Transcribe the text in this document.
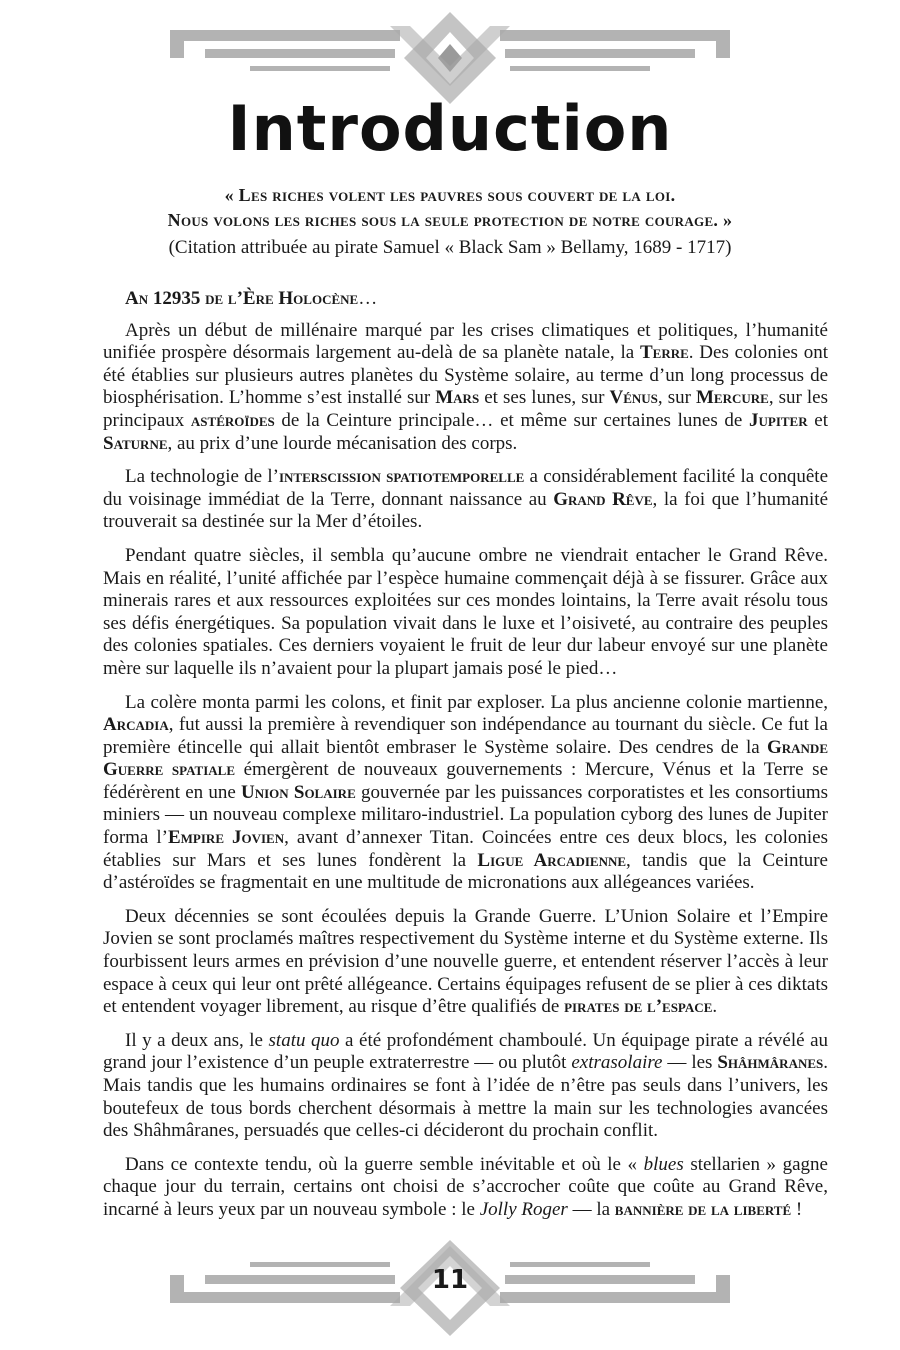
Introduction

« Les riches volent les pauvres sous couvert de la loi.

Nous volons les riches sous la seule protection de notre courage. »

(Citation attribuée au pirate Samuel « Black Sam » Bellamy, 1689 - 1717)

An 12935 de l’Ère Holocène…

Après un début de millénaire marqué par les crises climatiques et politiques, l’humanité unifiée prospère désormais largement au-delà de sa planète natale, la Terre. Des colonies ont été établies sur plusieurs autres planètes du Système solaire, au terme d’un long processus de biosphérisation. L’homme s’est installé sur Mars et ses lunes, sur Vénus, sur Mercure, sur les principaux astéroïdes de la Ceinture principale… et même sur certaines lunes de Jupiter et Saturne, au prix d’une lourde mécanisation des corps.

La technologie de l’interscission spatiotemporelle a considérablement facilité la conquête du voisinage immédiat de la Terre, donnant naissance au Grand Rêve, la foi que l’humanité trouverait sa destinée sur la Mer d’étoiles.

Pendant quatre siècles, il sembla qu’aucune ombre ne viendrait entacher le Grand Rêve. Mais en réalité, l’unité affichée par l’espèce humaine commençait déjà à se fissurer. Grâce aux minerais rares et aux ressources exploitées sur ces mondes lointains, la Terre avait résolu tous ses défis énergétiques. Sa population vivait dans le luxe et l’oisiveté, au contraire des peuples des colonies spatiales. Ces derniers voyaient le fruit de leur dur labeur envoyé sur une planète mère sur laquelle ils n’avaient pour la plupart jamais posé le pied…

La colère monta parmi les colons, et finit par exploser. La plus ancienne colonie martienne, Arcadia, fut aussi la première à revendiquer son indépendance au tournant du siècle. Ce fut la première étincelle qui allait bientôt embraser le Système solaire. Des cendres de la Grande Guerre spatiale émergèrent de nouveaux gouvernements : Mercure, Vénus et la Terre se fédérèrent en une Union Solaire gouvernée par les puissances corporatistes et les consortiums miniers — un nouveau complexe militaro-industriel. La population cyborg des lunes de Jupiter forma l’Empire Jovien, avant d’annexer Titan. Coincées entre ces deux blocs, les colonies établies sur Mars et ses lunes fondèrent la Ligue Arcadienne, tandis que la Ceinture d’astéroïdes se fragmentait en une multitude de micronations aux allégeances variées.

Deux décennies se sont écoulées depuis la Grande Guerre. L’Union Solaire et l’Empire Jovien se sont proclamés maîtres respectivement du Système interne et du Système externe. Ils fourbissent leurs armes en prévision d’une nouvelle guerre, et entendent réserver l’accès à leur espace à ceux qui leur ont prêté allégeance. Certains équipages refusent de se plier à ces diktats et entendent voyager librement, au risque d’être qualifiés de pirates de l’espace.

Il y a deux ans, le statu quo a été profondément chamboulé. Un équipage pirate a révélé au grand jour l’existence d’un peuple extraterrestre — ou plutôt extrasolaire — les Shâhmâranes. Mais tandis que les humains ordinaires se font à l’idée de n’être pas seuls dans l’univers, les boutefeux de tous bords cherchent désormais à mettre la main sur les technologies avancées des Shâhmâranes, persuadés que celles-ci décideront du prochain conflit.

Dans ce contexte tendu, où la guerre semble inévitable et où le « blues stellarien » gagne chaque jour du terrain, certains ont choisi de s’accrocher coûte que coûte au Grand Rêve, incarné à leurs yeux par un nouveau symbole : le Jolly Roger — la bannière de la liberté !

11
